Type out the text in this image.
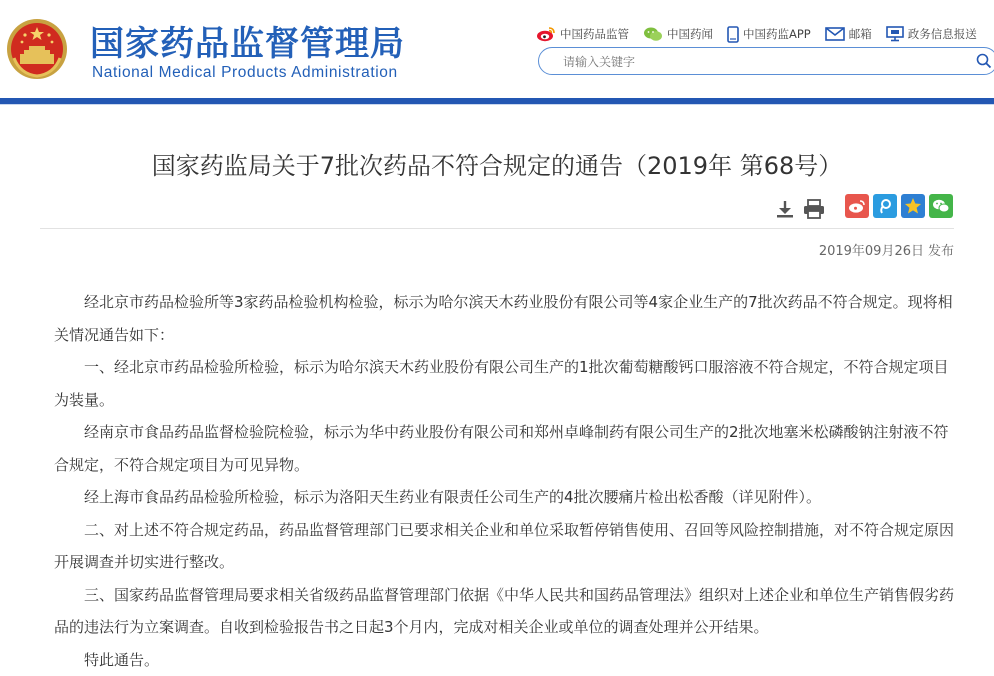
国家药品监督管理局
National Medical Products Administration
中国药品监管	中国药闻	中国药监APP	邮箱	政务信息报送
请输入关键字
国家药监局关于7批次药品不符合规定的通告（2019年 第68号）
2019年09月26日 发布

经北京市药品检验所等3家药品检验机构检验，标示为哈尔滨天木药业股份有限公司等4家企业生产的7批次药品不符合规定。现将相关情况通告如下：

一、经北京市药品检验所检验，标示为哈尔滨天木药业股份有限公司生产的1批次葡萄糖酸钙口服溶液不符合规定，不符合规定项目为装量。

经南京市食品药品监督检验院检验，标示为华中药业股份有限公司和郑州卓峰制药有限公司生产的2批次地塞米松磷酸钠注射液不符合规定，不符合规定项目为可见异物。

经上海市食品药品检验所检验，标示为洛阳天生药业有限责任公司生产的4批次腰痛片检出松香酸（详见附件）。

二、对上述不符合规定药品，药品监督管理部门已要求相关企业和单位采取暂停销售使用、召回等风险控制措施，对不符合规定原因开展调查并切实进行整改。

三、国家药品监督管理局要求相关省级药品监督管理部门依据《中华人民共和国药品管理法》组织对上述企业和单位生产销售假劣药品的违法行为立案调查。自收到检验报告书之日起3个月内，完成对相关企业或单位的调查处理并公开结果。

特此通告。
